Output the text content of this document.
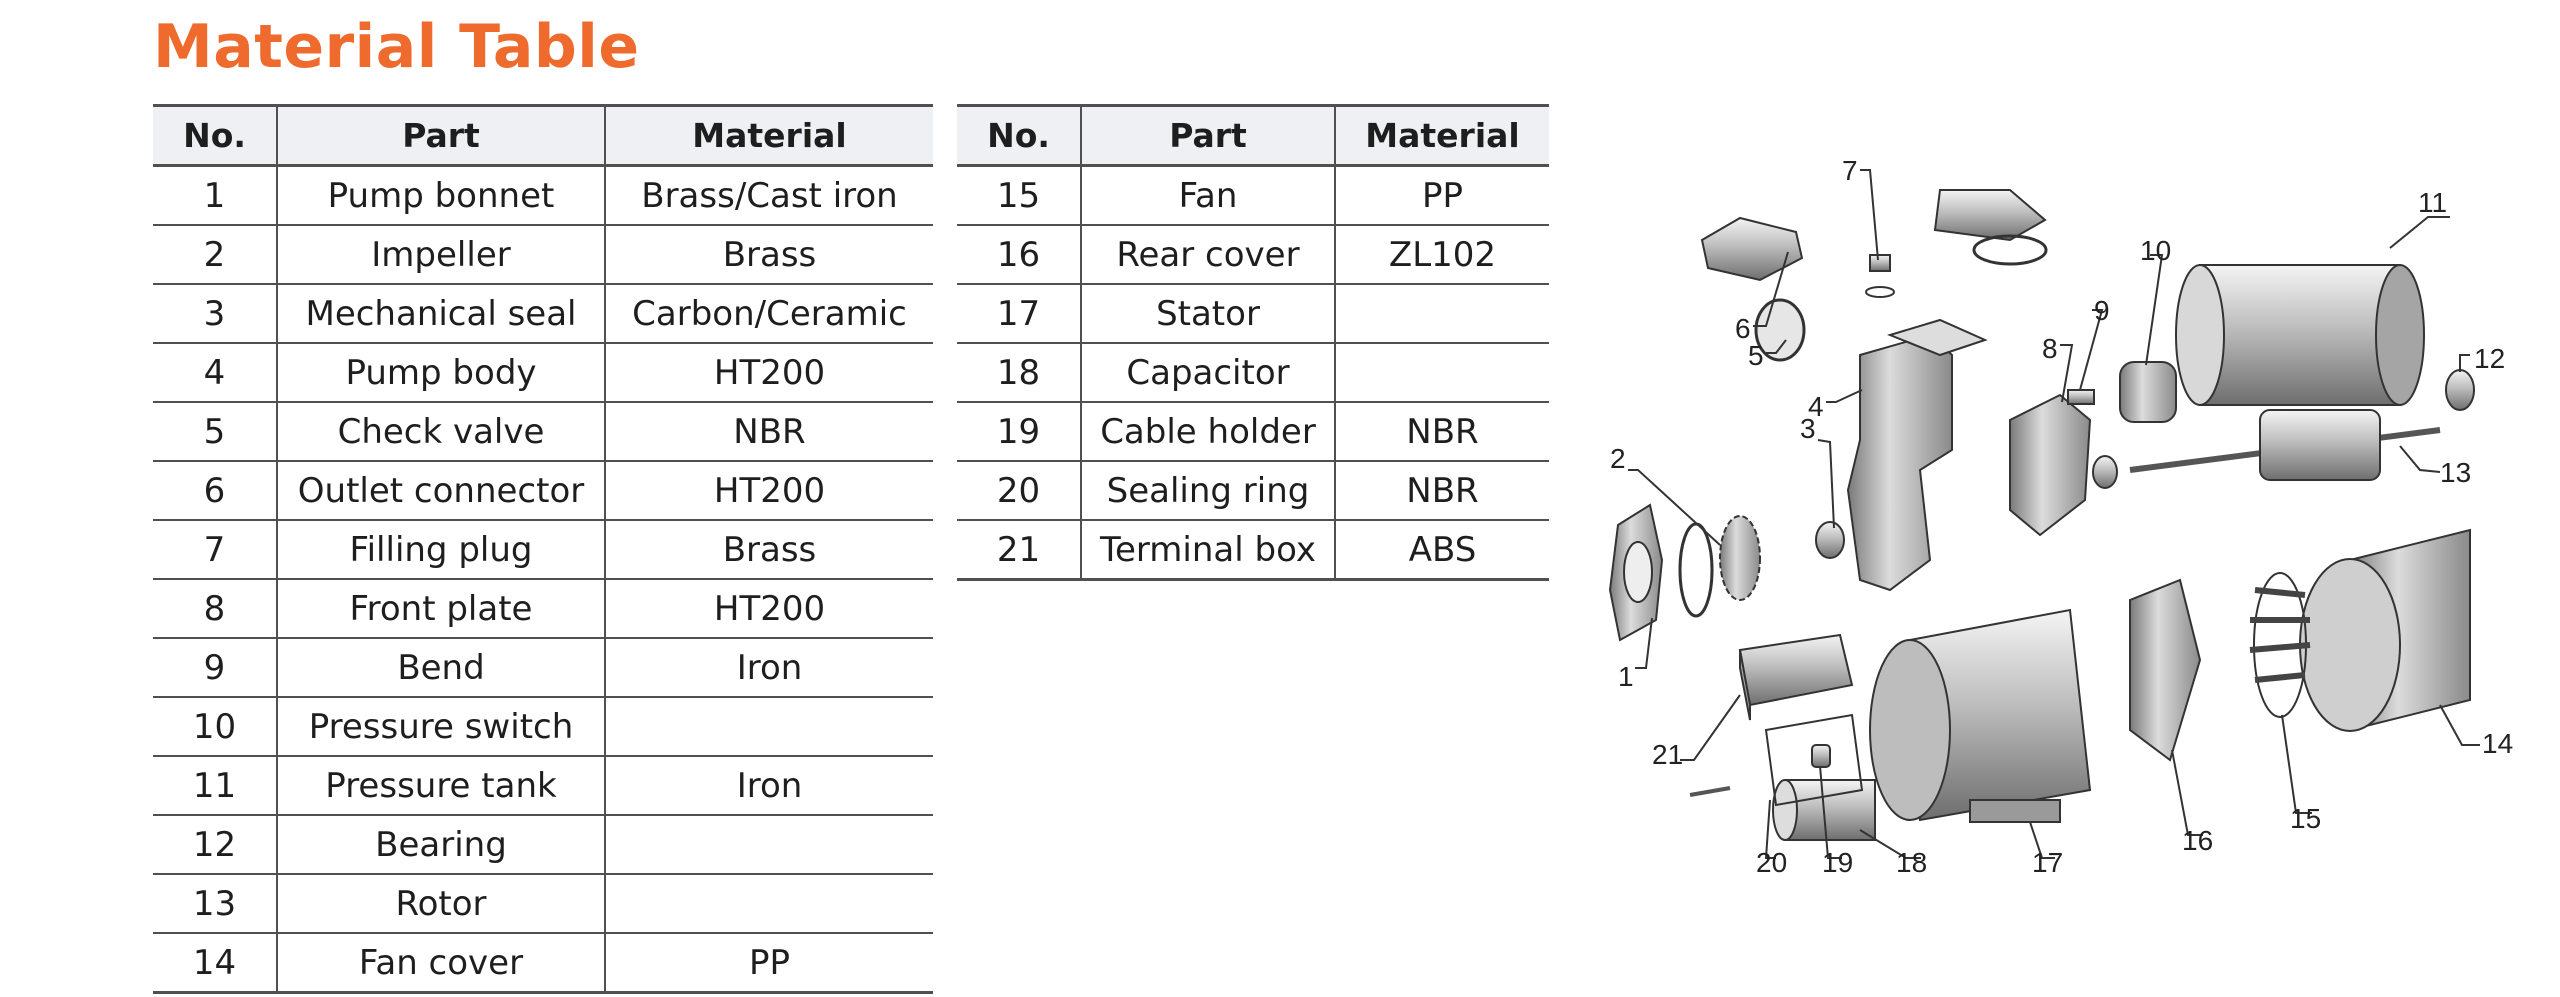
Material Table
No.	Part	Material
1	Pump bonnet	Brass/Cast iron
2	Impeller	Brass
3	Mechanical seal	Carbon/Ceramic
4	Pump body	HT200
5	Check valve	NBR
6	Outlet connector	HT200
7	Filling plug	Brass
8	Front plate	HT200
9	Bend	Iron
10	Pressure switch	
11	Pressure tank	Iron
12	Bearing	
13	Rotor	
14	Fan cover	PP
No.	Part	Material
15	Fan	PP
16	Rear cover	ZL102
17	Stator	
18	Capacitor	
19	Cable holder	NBR
20	Sealing ring	NBR
21	Terminal box	ABS
1
2
3
4
5
6
7
8
9
10
11
12
13
14
15
16
17
18
19
20
21
